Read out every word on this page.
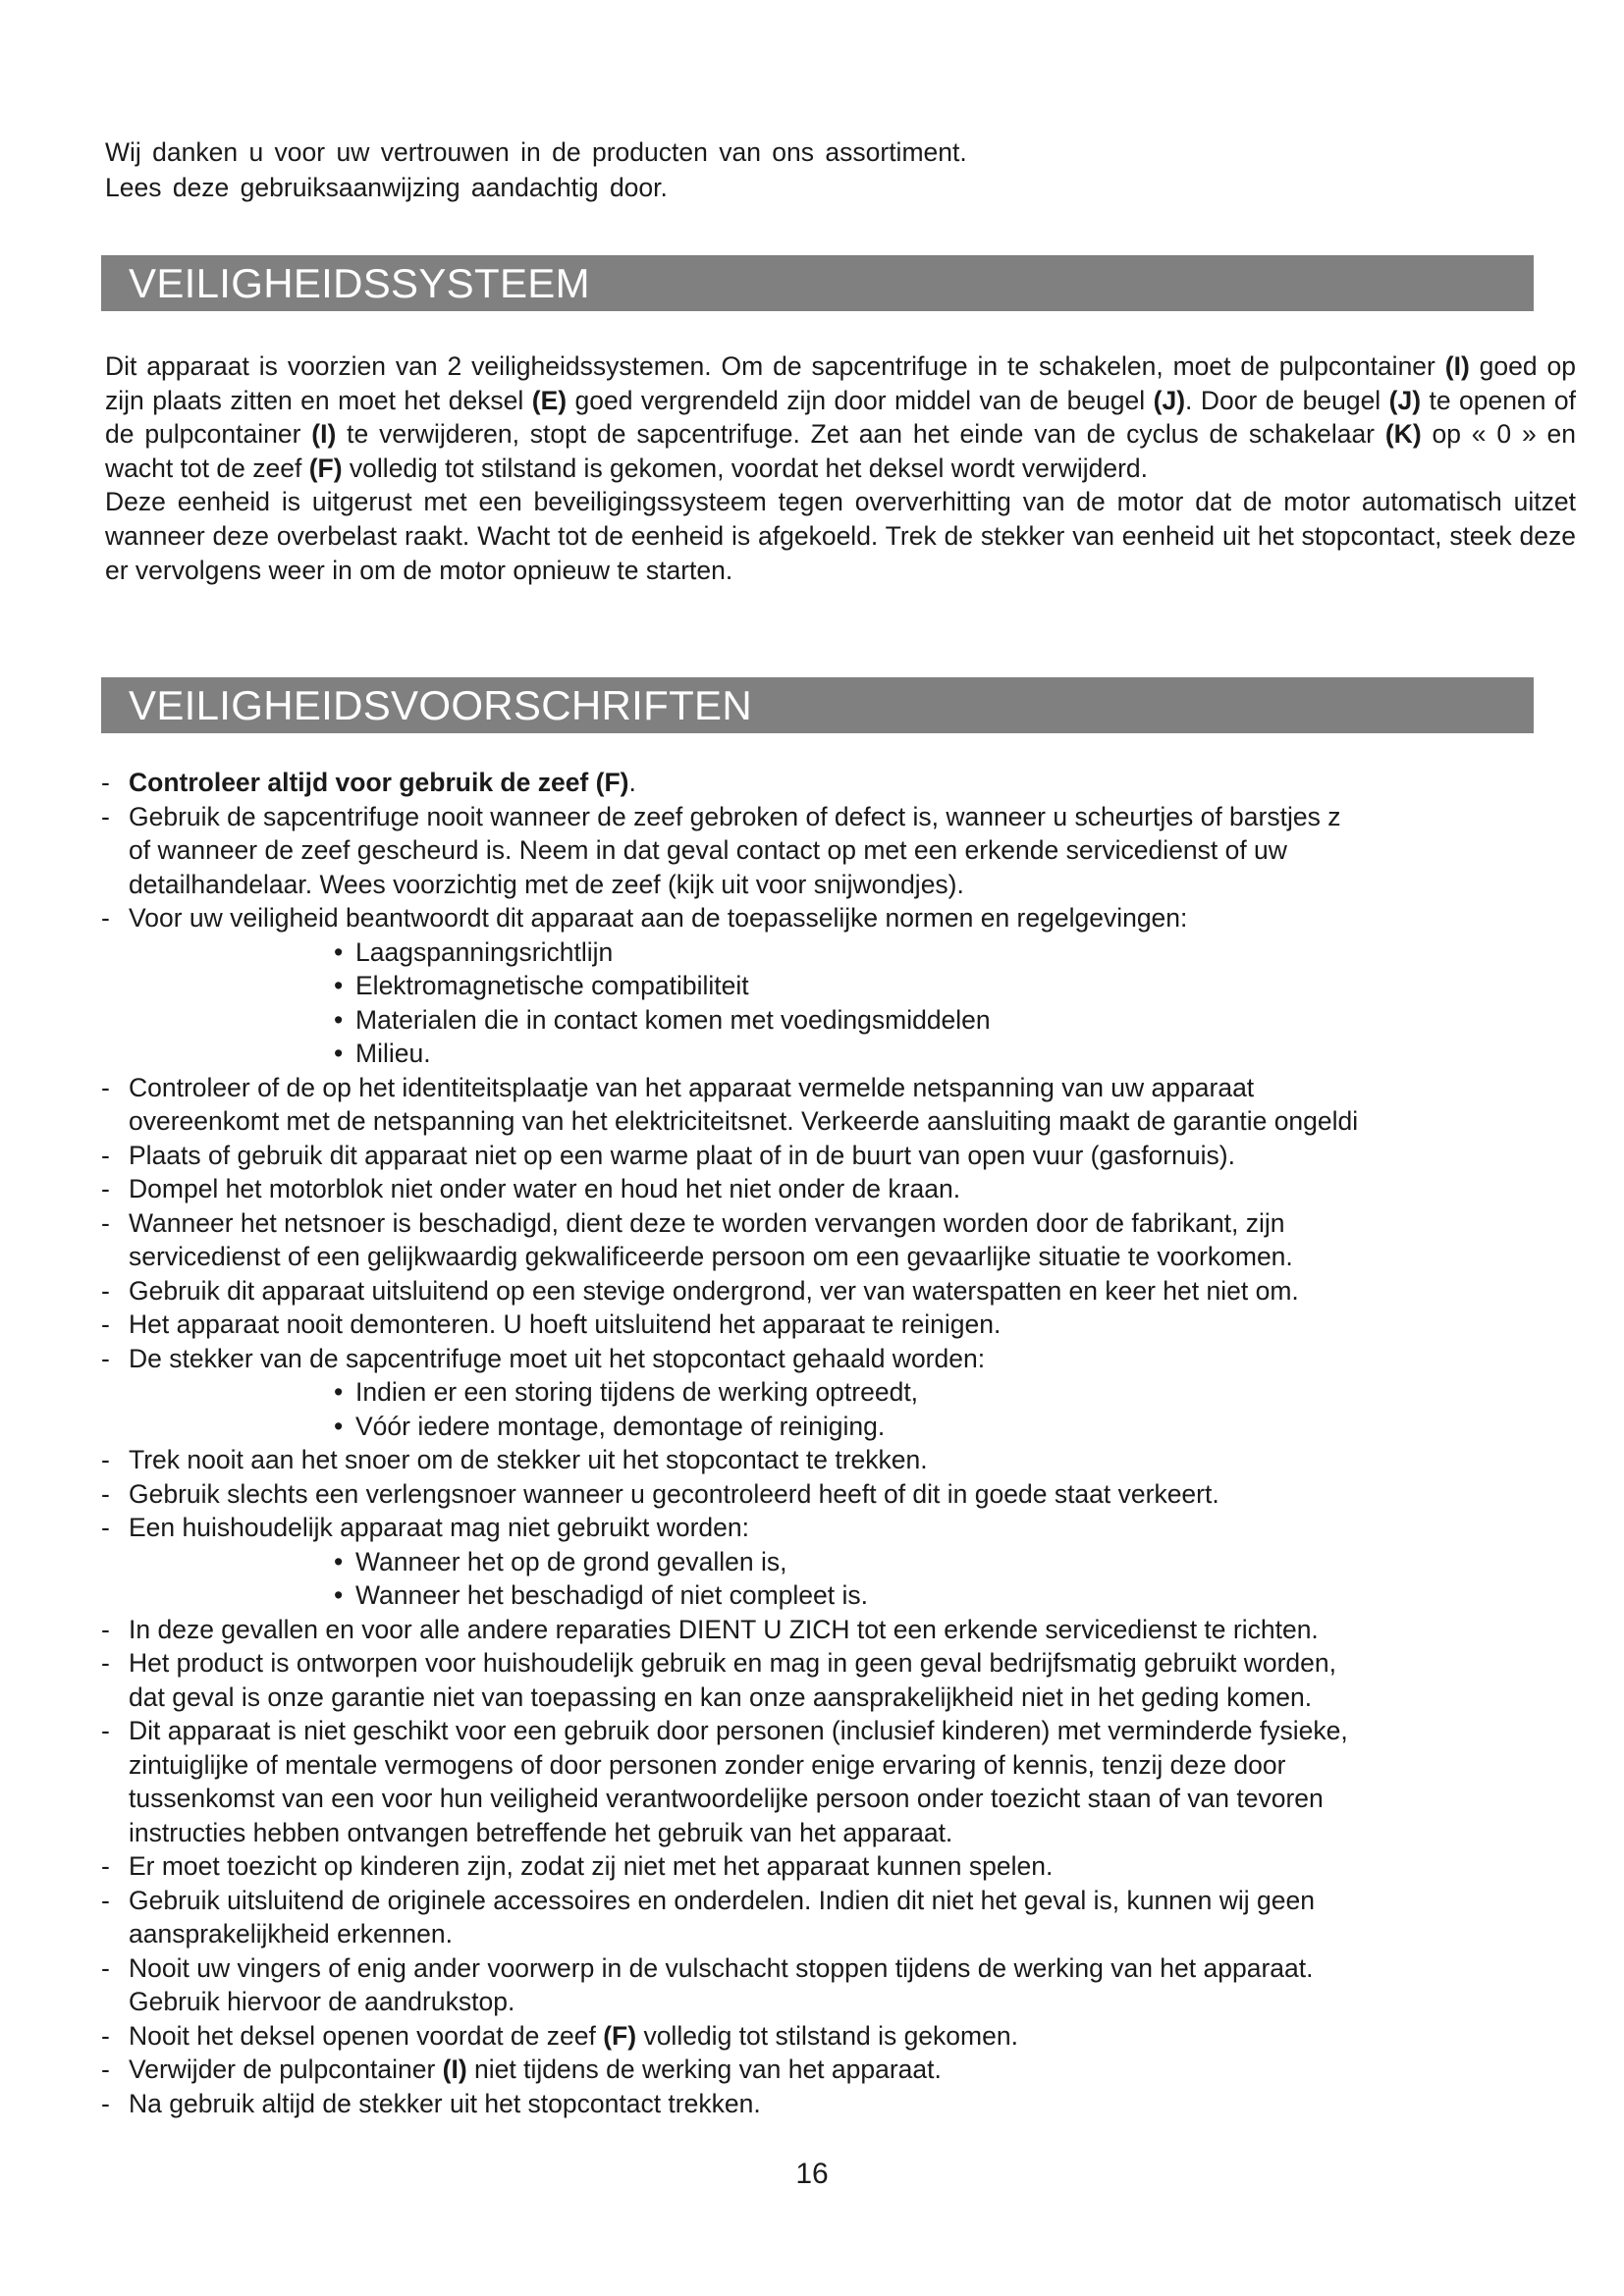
Wij danken u voor uw vertrouwen in de producten van ons assortiment.

Lees deze gebruiksaanwijzing aandachtig door.

VEILIGHEIDSSYSTEEM

Dit apparaat is voorzien van 2 veiligheidssystemen. Om de sapcentrifuge in te schakelen, moet de pulpcontainer (I) goed op zijn plaats zitten en moet het deksel (E) goed vergrendeld zijn door middel van de beugel (J). Door de beugel (J) te openen of de pulpcontainer (I) te verwijderen, stopt de sapcentrifuge. Zet aan het einde van de cyclus de schakelaar (K) op « 0 » en wacht tot de zeef (F) volledig tot stilstand is gekomen, voordat het deksel wordt verwijderd.

Deze eenheid is uitgerust met een beveiligingssysteem tegen oververhitting van de motor dat de motor automatisch uitzet wanneer deze overbelast raakt. Wacht tot de eenheid is afgekoeld. Trek de stekker van eenheid uit het stopcontact, steek deze er vervolgens weer in om de motor opnieuw te starten.

VEILIGHEIDSVOORSCHRIFTEN
- Controleer altijd voor gebruik de zeef (F).
- Gebruik de sapcentrifuge nooit wanneer de zeef gebroken of defect is, wanneer u scheurtjes of barstjes z
of wanneer de zeef gescheurd is. Neem in dat geval contact op met een erkende servicedienst of uw
detailhandelaar. Wees voorzichtig met de zeef (kijk uit voor snijwondjes).
- Voor uw veiligheid beantwoordt dit apparaat aan de toepasselijke normen en regelgevingen:
• Laagspanningsrichtlijn
• Elektromagnetische compatibiliteit
• Materialen die in contact komen met voedingsmiddelen
• Milieu.
- Controleer of de op het identiteitsplaatje van het apparaat vermelde netspanning van uw apparaat
overeenkomt met de netspanning van het elektriciteitsnet. Verkeerde aansluiting maakt de garantie ongeldi
- Plaats of gebruik dit apparaat niet op een warme plaat of in de buurt van open vuur (gasfornuis).
- Dompel het motorblok niet onder water en houd het niet onder de kraan.
- Wanneer het netsnoer is beschadigd, dient deze te worden vervangen worden door de fabrikant, zijn
servicedienst of een gelijkwaardig gekwalificeerde persoon om een gevaarlijke situatie te voorkomen.
- Gebruik dit apparaat uitsluitend op een stevige ondergrond, ver van waterspatten en keer het niet om.
- Het apparaat nooit demonteren. U hoeft uitsluitend het apparaat te reinigen.
- De stekker van de sapcentrifuge moet uit het stopcontact gehaald worden:
• Indien er een storing tijdens de werking optreedt,
• Vóór iedere montage, demontage of reiniging.
- Trek nooit aan het snoer om de stekker uit het stopcontact te trekken.
- Gebruik slechts een verlengsnoer wanneer u gecontroleerd heeft of dit in goede staat verkeert.
- Een huishoudelijk apparaat mag niet gebruikt worden:
• Wanneer het op de grond gevallen is,
• Wanneer het beschadigd of niet compleet is.
- In deze gevallen en voor alle andere reparaties DIENT U ZICH tot een erkende servicedienst te richten.
- Het product is ontworpen voor huishoudelijk gebruik en mag in geen geval bedrijfsmatig gebruikt worden,
dat geval is onze garantie niet van toepassing en kan onze aansprakelijkheid niet in het geding komen.
- Dit apparaat is niet geschikt voor een gebruik door personen (inclusief kinderen) met verminderde fysieke,
zintuiglijke of mentale vermogens of door personen zonder enige ervaring of kennis, tenzij deze door
tussenkomst van een voor hun veiligheid verantwoordelijke persoon onder toezicht staan of van tevoren
instructies hebben ontvangen betreffende het gebruik van het apparaat.
- Er moet toezicht op kinderen zijn, zodat zij niet met het apparaat kunnen spelen.
- Gebruik uitsluitend de originele accessoires en onderdelen. Indien dit niet het geval is, kunnen wij geen
aansprakelijkheid erkennen.
- Nooit uw vingers of enig ander voorwerp in de vulschacht stoppen tijdens de werking van het apparaat.
Gebruik hiervoor de aandrukstop.
- Nooit het deksel openen voordat de zeef (F) volledig tot stilstand is gekomen.
- Verwijder de pulpcontainer (I) niet tijdens de werking van het apparaat.
- Na gebruik altijd de stekker uit het stopcontact trekken.
16
